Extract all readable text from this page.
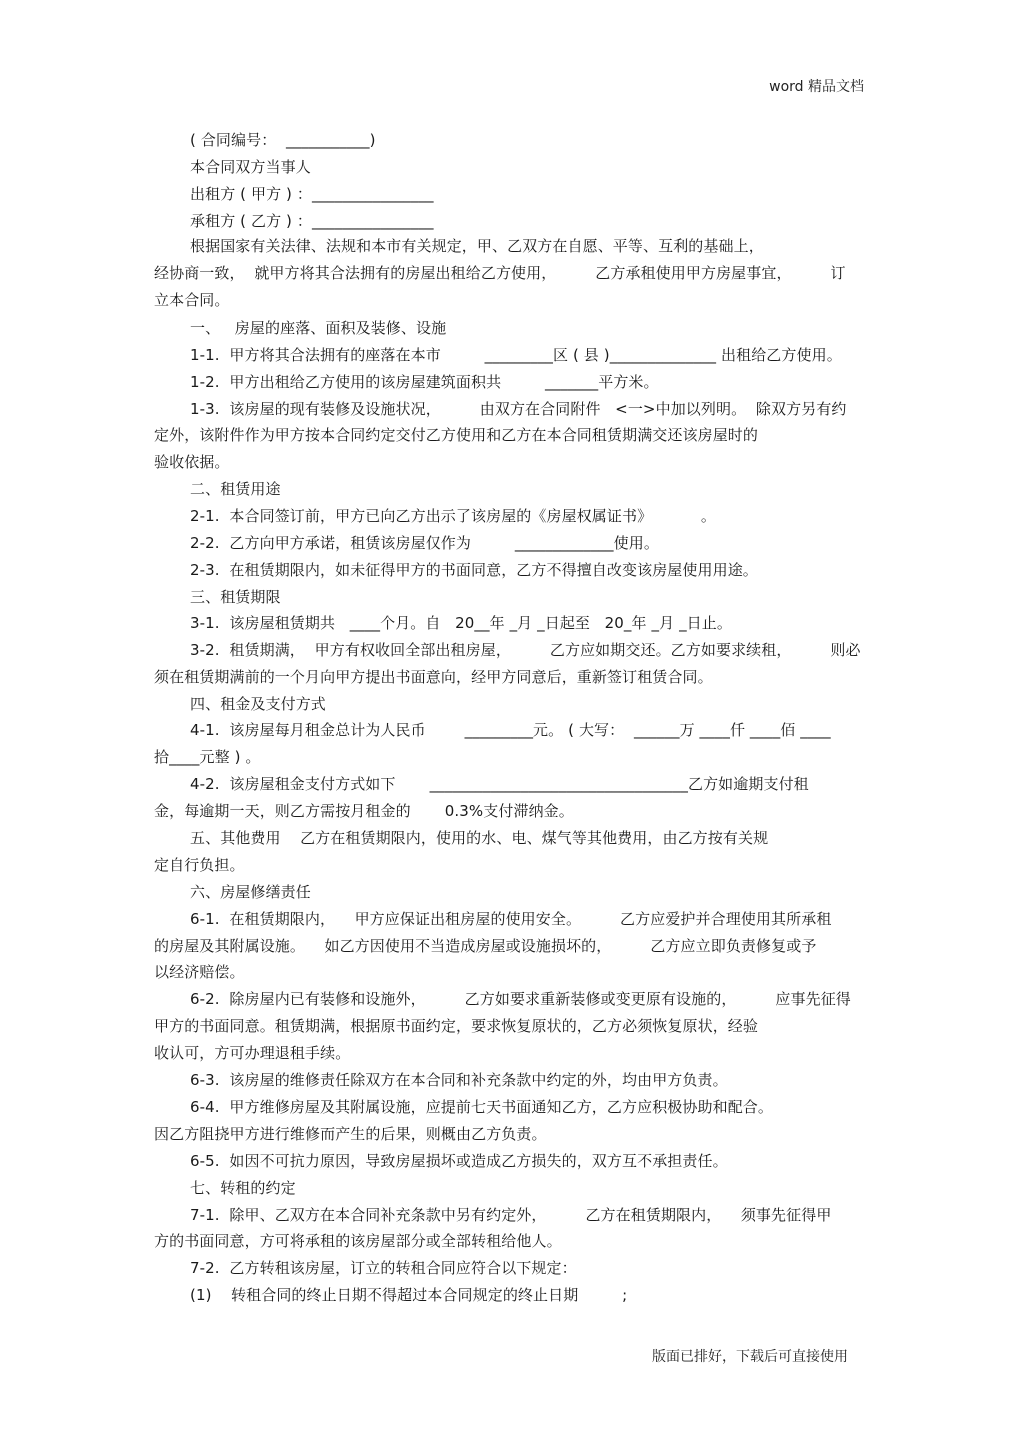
word 精品文档
( 合同编号：  ___________)
本合同双方当事人
出租方 ( 甲方 ) ：________________
承租方 ( 乙方 ) ：________________
根据国家有关法律、法规和本市有关规定，甲、乙双方在自愿、平等、互利的基础上，
经协商一致，  就甲方将其合法拥有的房屋出租给乙方使用，        乙方承租使用甲方房屋事宜，        订
立本合同。
一、   房屋的座落、面积及装修、设施
1-1.  甲方将其合法拥有的座落在本市         _________区 ( 县 )______________ 出租给乙方使用。
1-2.  甲方出租给乙方使用的该房屋建筑面积共         _______平方米。
1-3.  该房屋的现有装修及设施状况，        由双方在合同附件   <一>中加以列明。  除双方另有约
定外，该附件作为甲方按本合同约定交付乙方使用和乙方在本合同租赁期满交还该房屋时的
验收依据。
二、租赁用途
2-1.  本合同签订前，甲方已向乙方出示了该房屋的《房屋权属证书》          。
2-2.  乙方向甲方承诺，租赁该房屋仅作为         _____________使用。
2-3.  在租赁期限内，如未征得甲方的书面同意，乙方不得擅自改变该房屋使用用途。
三、租赁期限
3-1.  该房屋租赁期共   ____个月。自   20__年 _月 _日起至   20_年 _月 _日止。
3-2.  租赁期满，  甲方有权收回全部出租房屋，        乙方应如期交还。乙方如要求续租，        则必
须在租赁期满前的一个月向甲方提出书面意向，经甲方同意后，重新签订租赁合同。
四、租金及支付方式
4-1.  该房屋每月租金总计为人民币        _________元。 ( 大写：  ______万 ____仟 ____佰 ____
拾____元整 ) 。
4-2.  该房屋租金支付方式如下       __________________________________乙方如逾期支付租
金，每逾期一天，则乙方需按月租金的       0.3%支付滞纳金。
五、其他费用    乙方在租赁期限内，使用的水、电、煤气等其他费用，由乙方按有关规
定自行负担。
六、房屋修缮责任
6-1.  在租赁期限内，    甲方应保证出租房屋的使用安全。        乙方应爱护并合理使用其所承租
的房屋及其附属设施。    如乙方因使用不当造成房屋或设施损坏的，        乙方应立即负责修复或予
以经济赔偿。
6-2.  除房屋内已有装修和设施外，        乙方如要求重新装修或变更原有设施的，        应事先征得
甲方的书面同意。租赁期满，根据原书面约定，要求恢复原状的，乙方必须恢复原状，经验
收认可，方可办理退租手续。
6-3.  该房屋的维修责任除双方在本合同和补充条款中约定的外，均由甲方负责。
6-4.  甲方维修房屋及其附属设施，应提前七天书面通知乙方，乙方应积极协助和配合。
因乙方阻挠甲方进行维修而产生的后果，则概由乙方负责。
6-5.  如因不可抗力原因，导致房屋损坏或造成乙方损失的，双方互不承担责任。
七、转租的约定
7-1.  除甲、乙双方在本合同补充条款中另有约定外，        乙方在租赁期限内，    须事先征得甲
方的书面同意，方可将承租的该房屋部分或全部转租给他人。
7-2.  乙方转租该房屋，订立的转租合同应符合以下规定：
(1)    转租合同的终止日期不得超过本合同规定的终止日期         ;
版面已排好，下载后可直接使用
